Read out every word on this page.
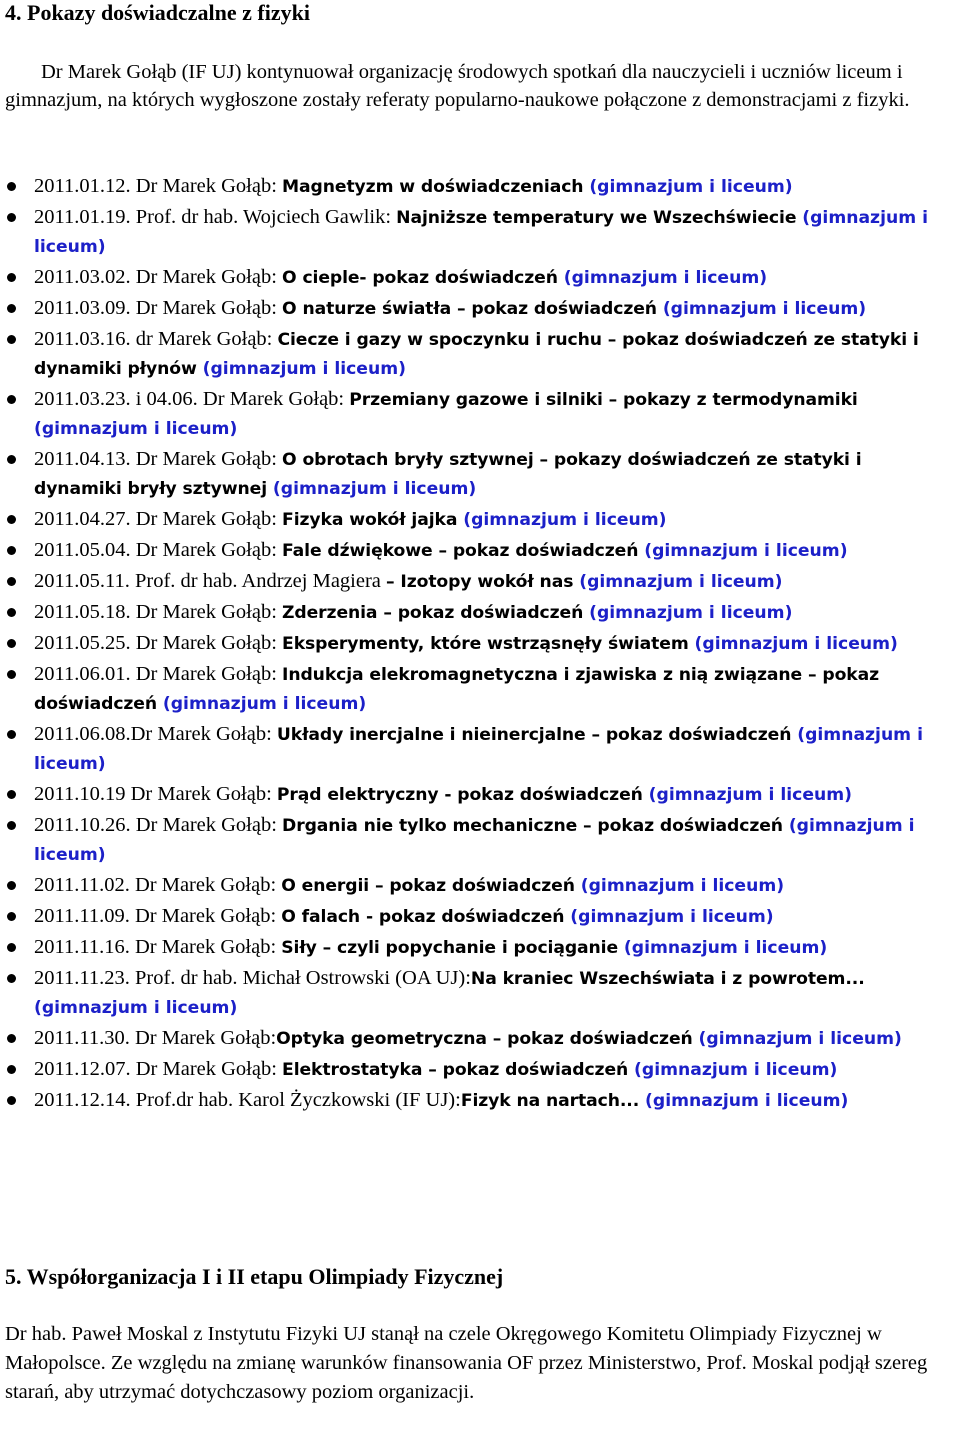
4. Pokazy doświadczalne z fizyki

Dr Marek Gołąb (IF UJ) kontynuował organizację środowych spotkań dla nauczycieli i uczniów liceum i gimnazjum, na których wygłoszone zostały referaty popularno-naukowe połączone z demonstracjami z fizyki.

2011.01.12. Dr Marek Gołąb: Magnetyzm w doświadczeniach (gimnazjum i liceum)
2011.01.19. Prof. dr hab. Wojciech Gawlik: Najniższe temperatury we Wszechświecie (gimnazjum i liceum)
2011.03.02. Dr Marek Gołąb: O cieple- pokaz doświadczeń (gimnazjum i liceum)
2011.03.09. Dr Marek Gołąb: O naturze światła – pokaz doświadczeń (gimnazjum i liceum)
2011.03.16. dr Marek Gołąb: Ciecze i gazy w spoczynku i ruchu – pokaz doświadczeń ze statyki i dynamiki płynów (gimnazjum i liceum)
2011.03.23. i 04.06. Dr Marek Gołąb: Przemiany gazowe i silniki – pokazy z termodynamiki (gimnazjum i liceum)
2011.04.13. Dr Marek Gołąb: O obrotach bryły sztywnej – pokazy doświadczeń ze statyki i dynamiki bryły sztywnej (gimnazjum i liceum)
2011.04.27. Dr Marek Gołąb: Fizyka wokół jajka (gimnazjum i liceum)
2011.05.04. Dr Marek Gołąb: Fale dźwiękowe – pokaz doświadczeń (gimnazjum i liceum)
2011.05.11. Prof. dr hab. Andrzej Magiera – Izotopy wokół nas (gimnazjum i liceum)
2011.05.18. Dr Marek Gołąb: Zderzenia – pokaz doświadczeń (gimnazjum i liceum)
2011.05.25. Dr Marek Gołąb: Eksperymenty, które wstrząsnęły światem (gimnazjum i liceum)
2011.06.01. Dr Marek Gołąb: Indukcja elekromagnetyczna i zjawiska z nią związane – pokaz doświadczeń (gimnazjum i liceum)
2011.06.08.Dr Marek Gołąb: Układy inercjalne i nieinercjalne – pokaz doświadczeń (gimnazjum i liceum)
2011.10.19 Dr Marek Gołąb: Prąd elektryczny - pokaz doświadczeń (gimnazjum i liceum)
2011.10.26. Dr Marek Gołąb: Drgania nie tylko mechaniczne – pokaz doświadczeń (gimnazjum i liceum)
2011.11.02. Dr Marek Gołąb: O energii – pokaz doświadczeń (gimnazjum i liceum)
2011.11.09. Dr Marek Gołąb: O falach - pokaz doświadczeń (gimnazjum i liceum)
2011.11.16. Dr Marek Gołąb: Siły – czyli popychanie i pociąganie (gimnazjum i liceum)
2011.11.23. Prof. dr hab. Michał Ostrowski (OA UJ):Na kraniec Wszechświata i z powrotem... (gimnazjum i liceum)
2011.11.30. Dr Marek Gołąb:Optyka geometryczna – pokaz doświadczeń (gimnazjum i liceum)
2011.12.07. Dr Marek Gołąb: Elektrostatyka – pokaz doświadczeń (gimnazjum i liceum)
2011.12.14. Prof.dr hab. Karol Życzkowski (IF UJ):Fizyk na nartach... (gimnazjum i liceum)
5. Współorganizacja I i II etapu Olimpiady Fizycznej

Dr hab. Paweł Moskal z Instytutu Fizyki UJ stanął na czele Okręgowego Komitetu Olimpiady Fizycznej w Małopolsce. Ze względu na zmianę warunków finansowania OF przez Ministerstwo, Prof. Moskal podjął szereg starań, aby utrzymać dotychczasowy poziom organizacji.
